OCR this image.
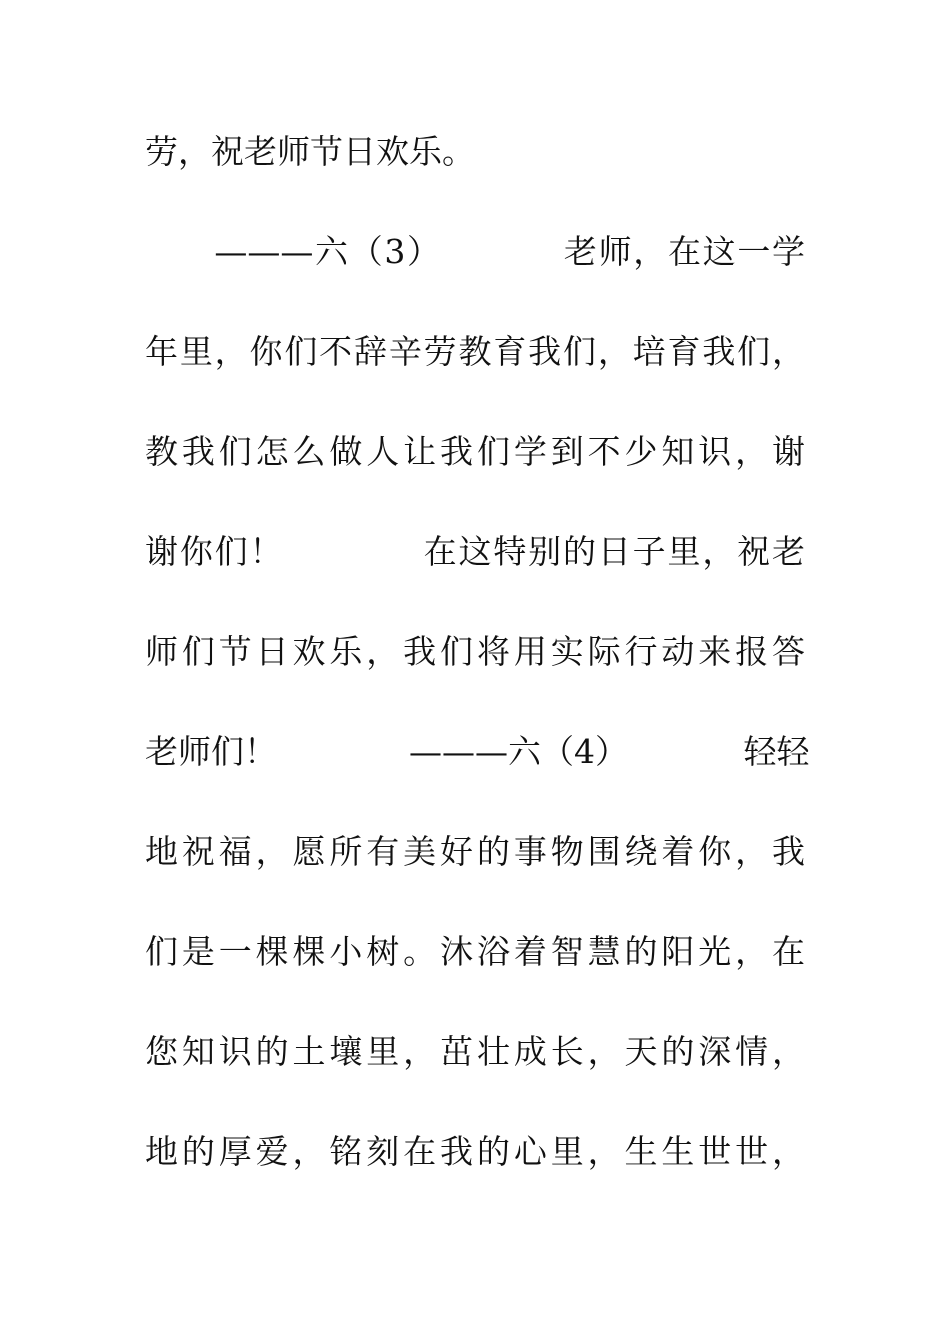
劳，祝老师节日欢乐。
　　———六（3）　　　　老师，在这一学
年里，你们不辞辛劳教育我们，培育我们，
教我们怎么做人让我们学到不少知识，谢
谢你们！　　　　在这特别的日子里，祝老
师们节日欢乐，我们将用实际行动来报答
老师们！　　　　———六（4）　　　　轻轻
地祝福，愿所有美好的事物围绕着你，我
们是一棵棵小树。沐浴着智慧的阳光，在
您知识的土壤里，茁壮成长，天的深情，
地的厚爱，铭刻在我的心里，生生世世，
